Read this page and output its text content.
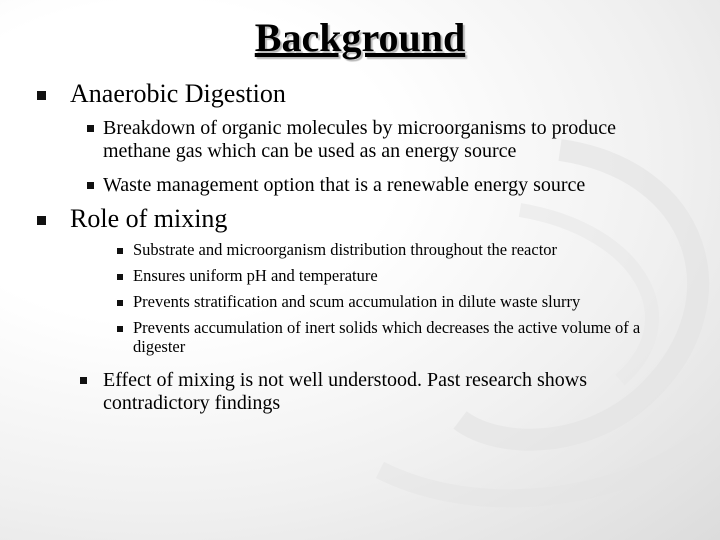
Background
Anaerobic Digestion
Breakdown of organic molecules by microorganisms to produce methane gas which can be used as an energy source
Waste management option that is a renewable energy source
Role of mixing
Substrate and microorganism distribution throughout the reactor
Ensures uniform pH and temperature
Prevents stratification and scum accumulation in dilute waste slurry
Prevents accumulation of inert solids which decreases the active volume of a digester
Effect of mixing is not well understood. Past research shows contradictory findings
